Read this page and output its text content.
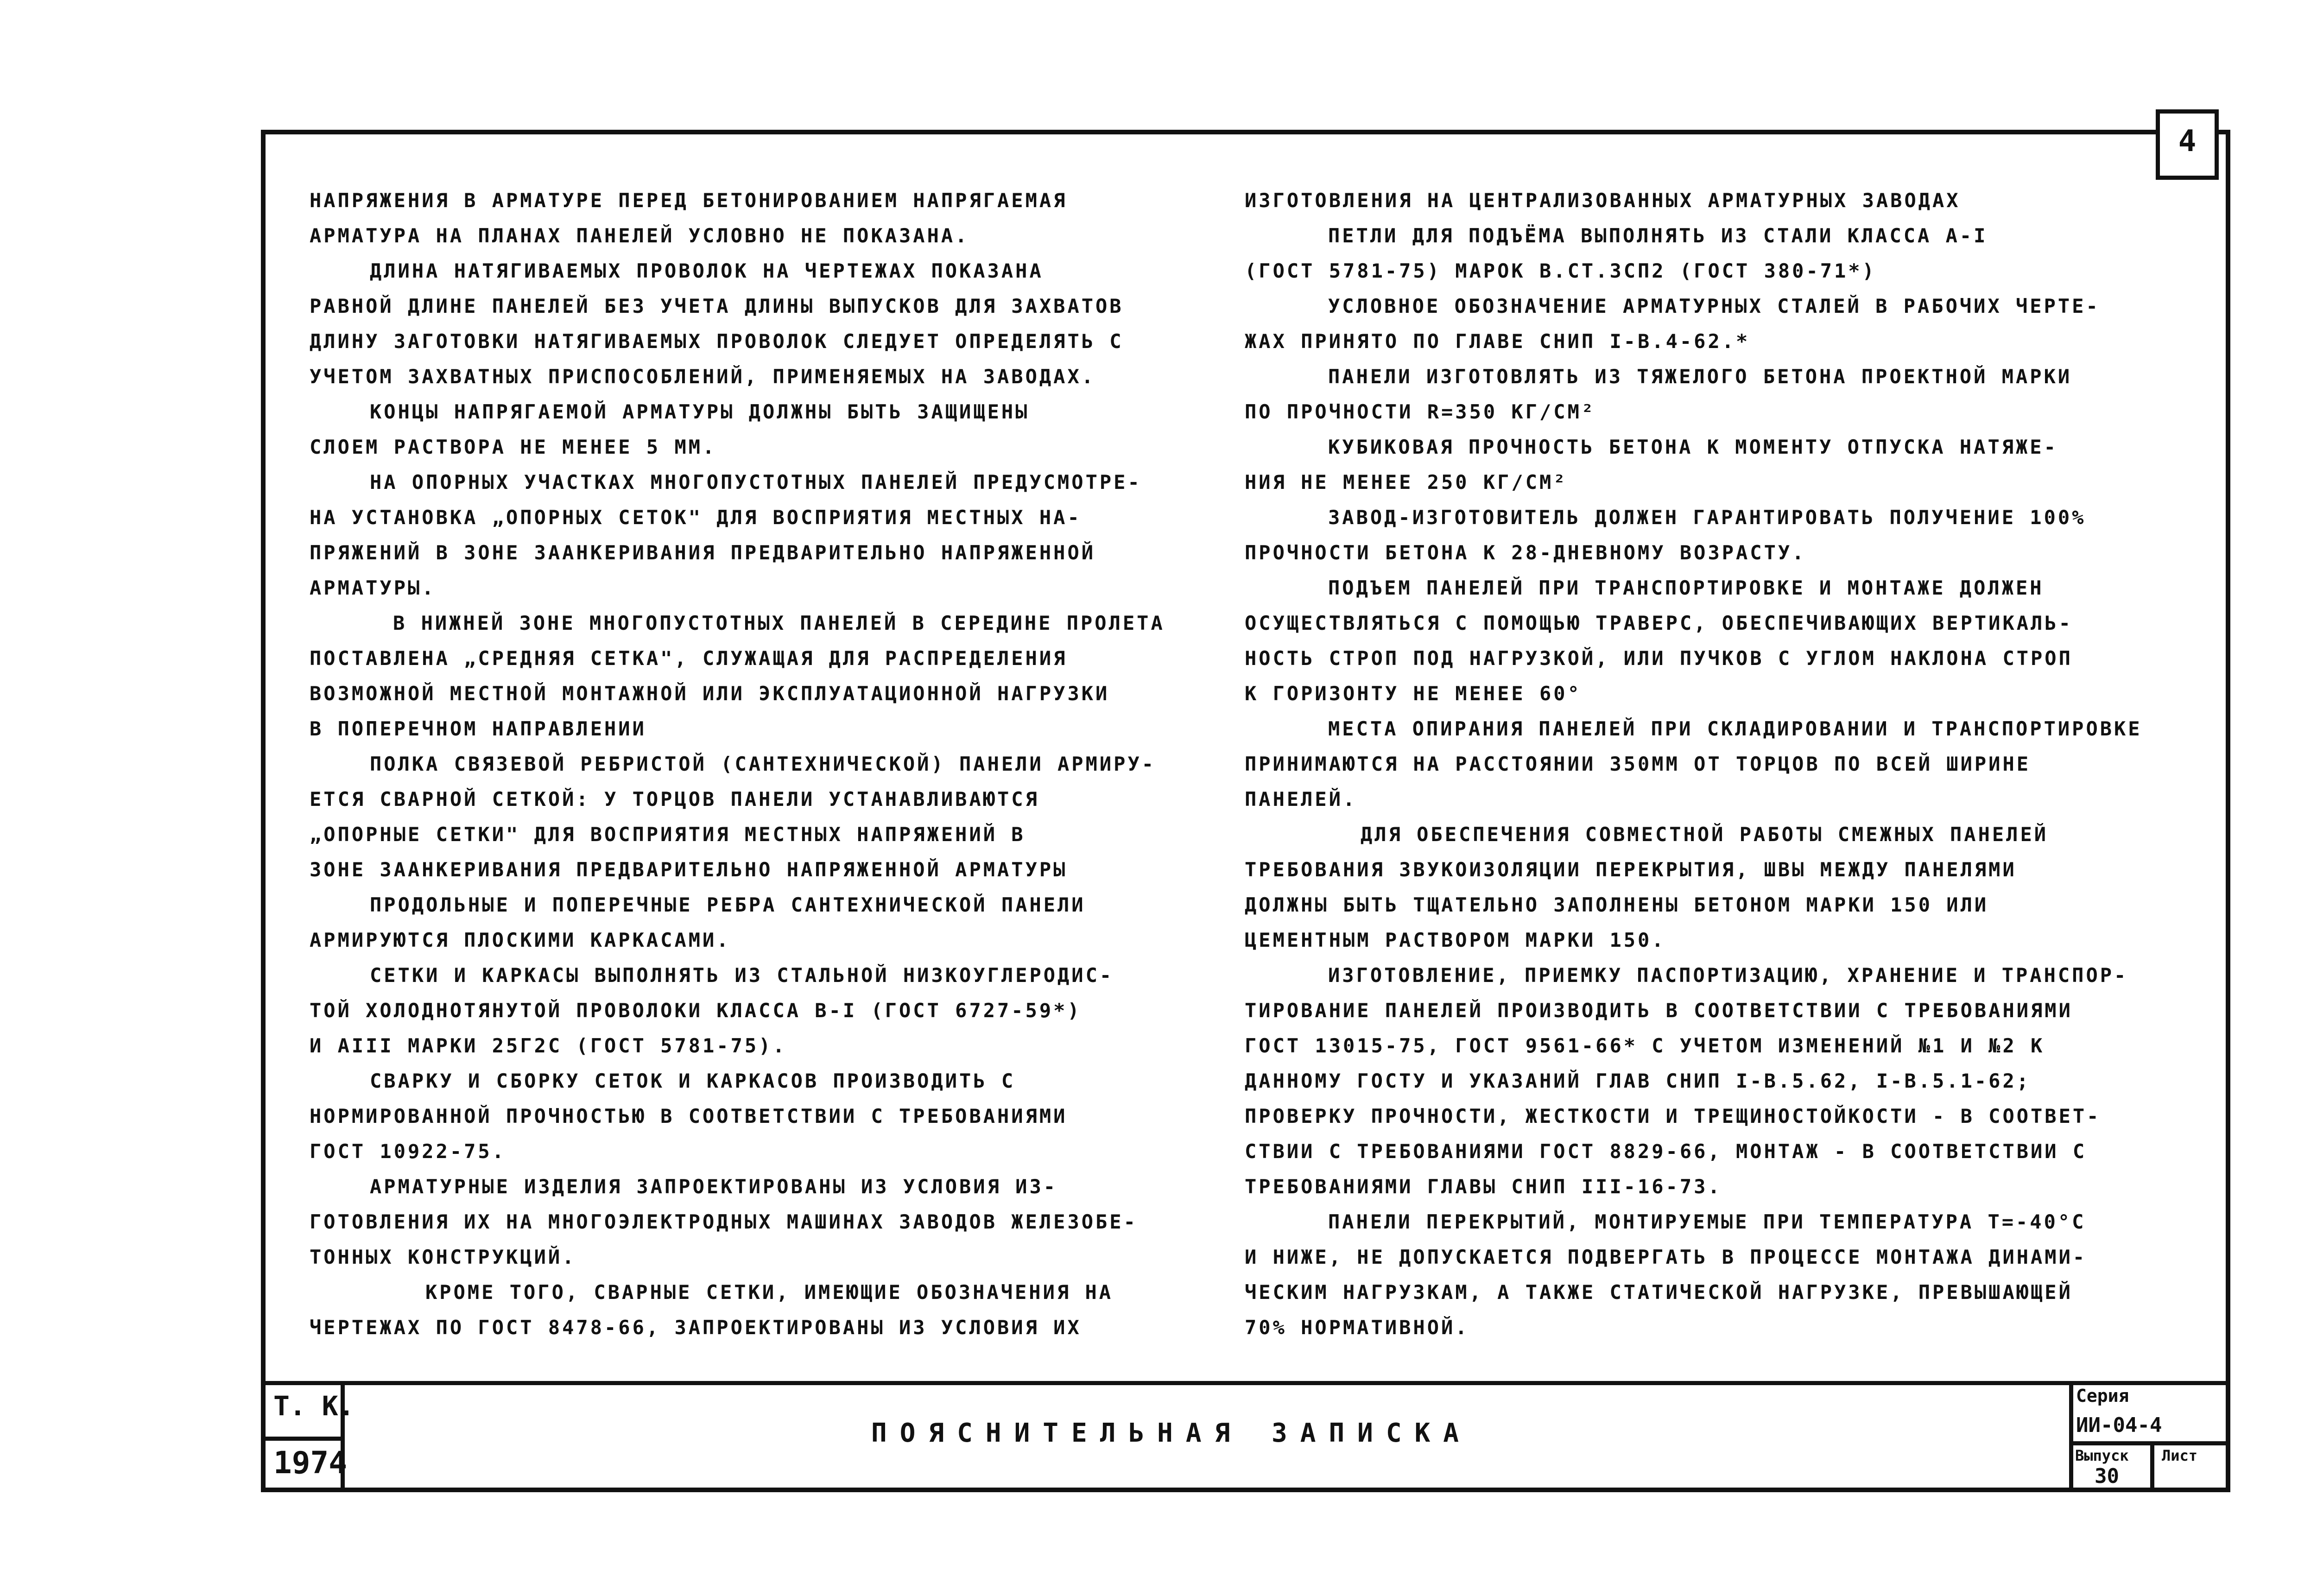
4

НАПРЯЖЕНИЯ В АРМАТУРЕ ПЕРЕД БЕТОНИРОВАНИЕМ НАПРЯГАЕМАЯ

АРМАТУРА НА ПЛАНАХ ПАНЕЛЕЙ УСЛОВНО НЕ ПОКАЗАНА.

ДЛИНА НАТЯГИВАЕМЫХ ПРОВОЛОК НА ЧЕРТЕЖАХ ПОКАЗАНА

РАВНОЙ ДЛИНЕ ПАНЕЛЕЙ БЕЗ УЧЕТА ДЛИНЫ ВЫПУСКОВ ДЛЯ ЗАХВАТОВ

ДЛИНУ ЗАГОТОВКИ НАТЯГИВАЕМЫХ ПРОВОЛОК СЛЕДУЕТ ОПРЕДЕЛЯТЬ С

УЧЕТОМ ЗАХВАТНЫХ ПРИСПОСОБЛЕНИЙ, ПРИМЕНЯЕМЫХ НА ЗАВОДАХ.

КОНЦЫ НАПРЯГАЕМОЙ АРМАТУРЫ ДОЛЖНЫ БЫТЬ ЗАЩИЩЕНЫ

СЛОЕМ РАСТВОРА НЕ МЕНЕЕ 5 ММ.

НА ОПОРНЫХ УЧАСТКАХ МНОГОПУСТОТНЫХ ПАНЕЛЕЙ ПРЕДУСМОТРЕ-

НА УСТАНОВКА „ОПОРНЫХ СЕТОК" ДЛЯ ВОСПРИЯТИЯ МЕСТНЫХ НА-

ПРЯЖЕНИЙ В ЗОНЕ ЗААНКЕРИВАНИЯ ПРЕДВАРИТЕЛЬНО НАПРЯЖЕННОЙ

АРМАТУРЫ.

В НИЖНЕЙ ЗОНЕ МНОГОПУСТОТНЫХ ПАНЕЛЕЙ В СЕРЕДИНЕ ПРОЛЕТА

ПОСТАВЛЕНА „СРЕДНЯЯ СЕТКА", СЛУЖАЩАЯ ДЛЯ РАСПРЕДЕЛЕНИЯ

ВОЗМОЖНОЙ МЕСТНОЙ МОНТАЖНОЙ ИЛИ ЭКСПЛУАТАЦИОННОЙ НАГРУЗКИ

В ПОПЕРЕЧНОМ НАПРАВЛЕНИИ

ПОЛКА СВЯЗЕВОЙ РЕБРИСТОЙ (САНТЕХНИЧЕСКОЙ) ПАНЕЛИ АРМИРУ-

ЕТСЯ СВАРНОЙ СЕТКОЙ: У ТОРЦОВ ПАНЕЛИ УСТАНАВЛИВАЮТСЯ

„ОПОРНЫЕ СЕТКИ" ДЛЯ ВОСПРИЯТИЯ МЕСТНЫХ НАПРЯЖЕНИЙ В

ЗОНЕ ЗААНКЕРИВАНИЯ ПРЕДВАРИТЕЛЬНО НАПРЯЖЕННОЙ АРМАТУРЫ

ПРОДОЛЬНЫЕ И ПОПЕРЕЧНЫЕ РЕБРА САНТЕХНИЧЕСКОЙ ПАНЕЛИ

АРМИРУЮТСЯ ПЛОСКИМИ КАРКАСАМИ.

СЕТКИ И КАРКАСЫ ВЫПОЛНЯТЬ ИЗ СТАЛЬНОЙ НИЗКОУГЛЕРОДИС-

ТОЙ ХОЛОДНОТЯНУТОЙ ПРОВОЛОКИ КЛАССА В-I (ГОСТ 6727-59*)

И АIII МАРКИ 25Г2С (ГОСТ 5781-75).

СВАРКУ И СБОРКУ СЕТОК И КАРКАСОВ ПРОИЗВОДИТЬ С

НОРМИРОВАННОЙ ПРОЧНОСТЬЮ В СООТВЕТСТВИИ С ТРЕБОВАНИЯМИ

ГОСТ 10922-75.

АРМАТУРНЫЕ ИЗДЕЛИЯ ЗАПРОЕКТИРОВАНЫ ИЗ УСЛОВИЯ ИЗ-

ГОТОВЛЕНИЯ ИХ НА МНОГОЭЛЕКТРОДНЫХ МАШИНАХ ЗАВОДОВ ЖЕЛЕЗОБЕ-

ТОННЫХ КОНСТРУКЦИЙ.

КРОМЕ ТОГО, СВАРНЫЕ СЕТКИ, ИМЕЮЩИЕ ОБОЗНАЧЕНИЯ НА

ЧЕРТЕЖАХ ПО ГОСТ 8478-66, ЗАПРОЕКТИРОВАНЫ ИЗ УСЛОВИЯ ИХ

ИЗГОТОВЛЕНИЯ НА ЦЕНТРАЛИЗОВАННЫХ АРМАТУРНЫХ ЗАВОДАХ

ПЕТЛИ ДЛЯ ПОДЪЁМА ВЫПОЛНЯТЬ ИЗ СТАЛИ КЛАССА А-I

(ГОСТ 5781-75) МАРОК В.СТ.3СП2 (ГОСТ 380-71*)

УСЛОВНОЕ ОБОЗНАЧЕНИЕ АРМАТУРНЫХ СТАЛЕЙ В РАБОЧИХ ЧЕРТЕ-

ЖАХ ПРИНЯТО ПО ГЛАВЕ СНИП I-В.4-62.*

ПАНЕЛИ ИЗГОТОВЛЯТЬ ИЗ ТЯЖЕЛОГО БЕТОНА ПРОЕКТНОЙ МАРКИ

ПО ПРОЧНОСТИ R=350 КГ/СМ²

КУБИКОВАЯ ПРОЧНОСТЬ БЕТОНА К МОМЕНТУ ОТПУСКА НАТЯЖЕ-

НИЯ НЕ МЕНЕЕ 250 КГ/СМ²

ЗАВОД-ИЗГОТОВИТЕЛЬ ДОЛЖЕН ГАРАНТИРОВАТЬ ПОЛУЧЕНИЕ 100%

ПРОЧНОСТИ БЕТОНА К 28-ДНЕВНОМУ ВОЗРАСТУ.

ПОДЪЕМ ПАНЕЛЕЙ ПРИ ТРАНСПОРТИРОВКЕ И МОНТАЖЕ ДОЛЖЕН

ОСУЩЕСТВЛЯТЬСЯ С ПОМОЩЬЮ ТРАВЕРС, ОБЕСПЕЧИВАЮЩИХ ВЕРТИКАЛЬ-

НОСТЬ СТРОП ПОД НАГРУЗКОЙ, ИЛИ ПУЧКОВ С УГЛОМ НАКЛОНА СТРОП

К ГОРИЗОНТУ НЕ МЕНЕЕ 60°

МЕСТА ОПИРАНИЯ ПАНЕЛЕЙ ПРИ СКЛАДИРОВАНИИ И ТРАНСПОРТИРОВКЕ

ПРИНИМАЮТСЯ НА РАССТОЯНИИ 350ММ ОТ ТОРЦОВ ПО ВСЕЙ ШИРИНЕ

ПАНЕЛЕЙ.

ДЛЯ ОБЕСПЕЧЕНИЯ СОВМЕСТНОЙ РАБОТЫ СМЕЖНЫХ ПАНЕЛЕЙ

ТРЕБОВАНИЯ ЗВУКОИЗОЛЯЦИИ ПЕРЕКРЫТИЯ, ШВЫ МЕЖДУ ПАНЕЛЯМИ

ДОЛЖНЫ БЫТЬ ТЩАТЕЛЬНО ЗАПОЛНЕНЫ БЕТОНОМ МАРКИ 150 ИЛИ

ЦЕМЕНТНЫМ РАСТВОРОМ МАРКИ 150.

ИЗГОТОВЛЕНИЕ, ПРИЕМКУ ПАСПОРТИЗАЦИЮ, ХРАНЕНИЕ И ТРАНСПОР-

ТИРОВАНИЕ ПАНЕЛЕЙ ПРОИЗВОДИТЬ В СООТВЕТСТВИИ С ТРЕБОВАНИЯМИ

ГОСТ 13015-75, ГОСТ 9561-66* С УЧЕТОМ ИЗМЕНЕНИЙ №1 И №2 К

ДАННОМУ ГОСТУ И УКАЗАНИЙ ГЛАВ СНИП I-В.5.62, I-В.5.1-62;

ПРОВЕРКУ ПРОЧНОСТИ, ЖЕСТКОСТИ И ТРЕЩИНОСТОЙКОСТИ - В СООТВЕТ-

СТВИИ С ТРЕБОВАНИЯМИ ГОСТ 8829-66, МОНТАЖ - В СООТВЕТСТВИИ С

ТРЕБОВАНИЯМИ ГЛАВЫ СНИП III-16-73.

ПАНЕЛИ ПЕРЕКРЫТИЙ, МОНТИРУЕМЫЕ ПРИ ТЕМПЕРАТУРА T=-40°С

И НИЖЕ, НЕ ДОПУСКАЕТСЯ ПОДВЕРГАТЬ В ПРОЦЕССЕ МОНТАЖА ДИНАМИ-

ЧЕСКИМ НАГРУЗКАМ, А ТАКЖЕ СТАТИЧЕСКОЙ НАГРУЗКЕ, ПРЕВЫШАЮЩЕЙ

70% НОРМАТИВНОЙ.

Т. К.
1974
ПОЯСНИТЕЛЬНАЯ ЗАПИСКА
Серия
ИИ-04-4
Выпуск
30
Лист
